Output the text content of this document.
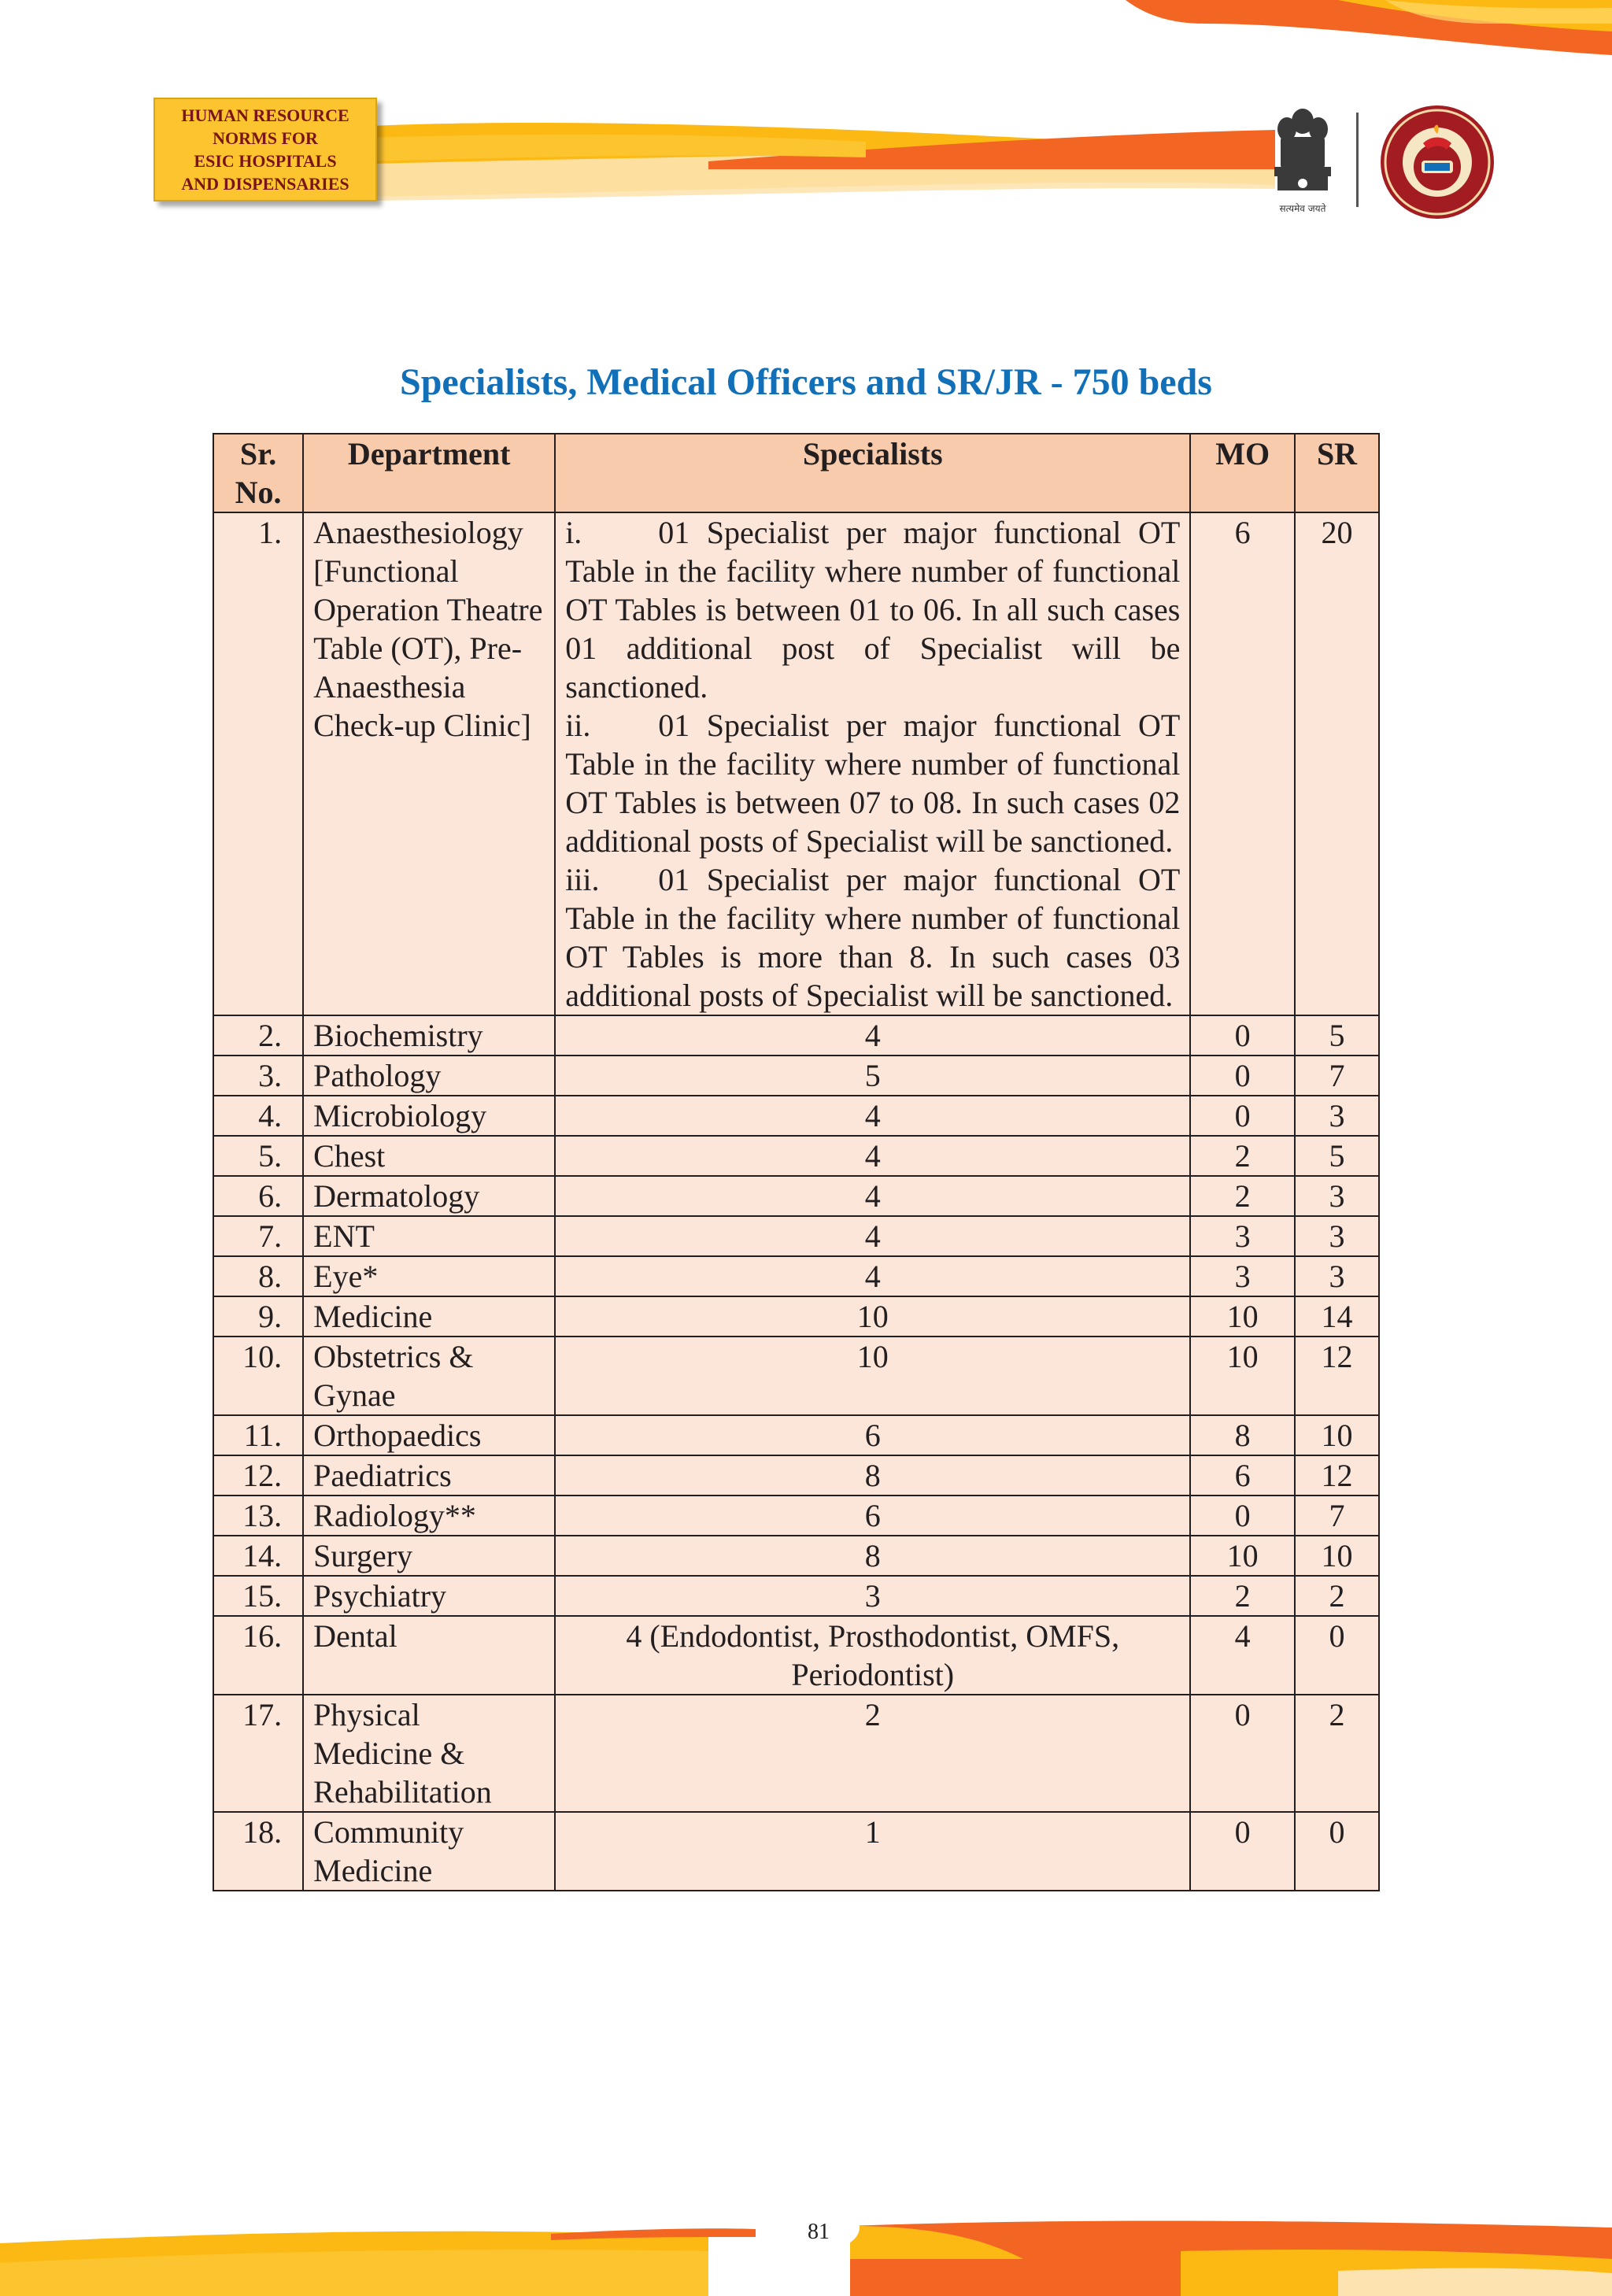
HUMAN RESOURCE
NORMS FOR
ESIC HOSPITALS
AND DISPENSARIES
सत्यमेव जयते
Specialists, Medical Officers and SR/JR - 750 beds
Sr. No.	Department	Specialists	MO	SR
1.	Anaesthesiology [Functional Operation Theatre Table (OT), Pre-Anaesthesia Check-up Clinic]	i. 01 Specialist per major functional OT Table in the facility where number of functional OT Tables is between 01 to 06. In all such cases 01 additional post of Specialist will be sanctioned.
ii. 01 Specialist per major functional OT Table in the facility where number of functional OT Tables is between 07 to 08. In such cases 02 additional posts of Specialist will be sanctioned.
iii. 01 Specialist per major functional OT Table in the facility where number of functional OT Tables is more than 8. In such cases 03 additional posts of Specialist will be sanctioned.	6	20
2.	Biochemistry	4	0	5
3.	Pathology	5	0	7
4.	Microbiology	4	0	3
5.	Chest	4	2	5
6.	Dermatology	4	2	3
7.	ENT	4	3	3
8.	Eye*	4	3	3
9.	Medicine	10	10	14
10.	Obstetrics & Gynae	10	10	12
11.	Orthopaedics	6	8	10
12.	Paediatrics	8	6	12
13.	Radiology**	6	0	7
14.	Surgery	8	10	10
15.	Psychiatry	3	2	2
16.	Dental	4 (Endodontist, Prosthodontist, OMFS, Periodontist)	4	0
17.	Physical Medicine & Rehabilitation	2	0	2
18.	Community Medicine	1	0	0
81
